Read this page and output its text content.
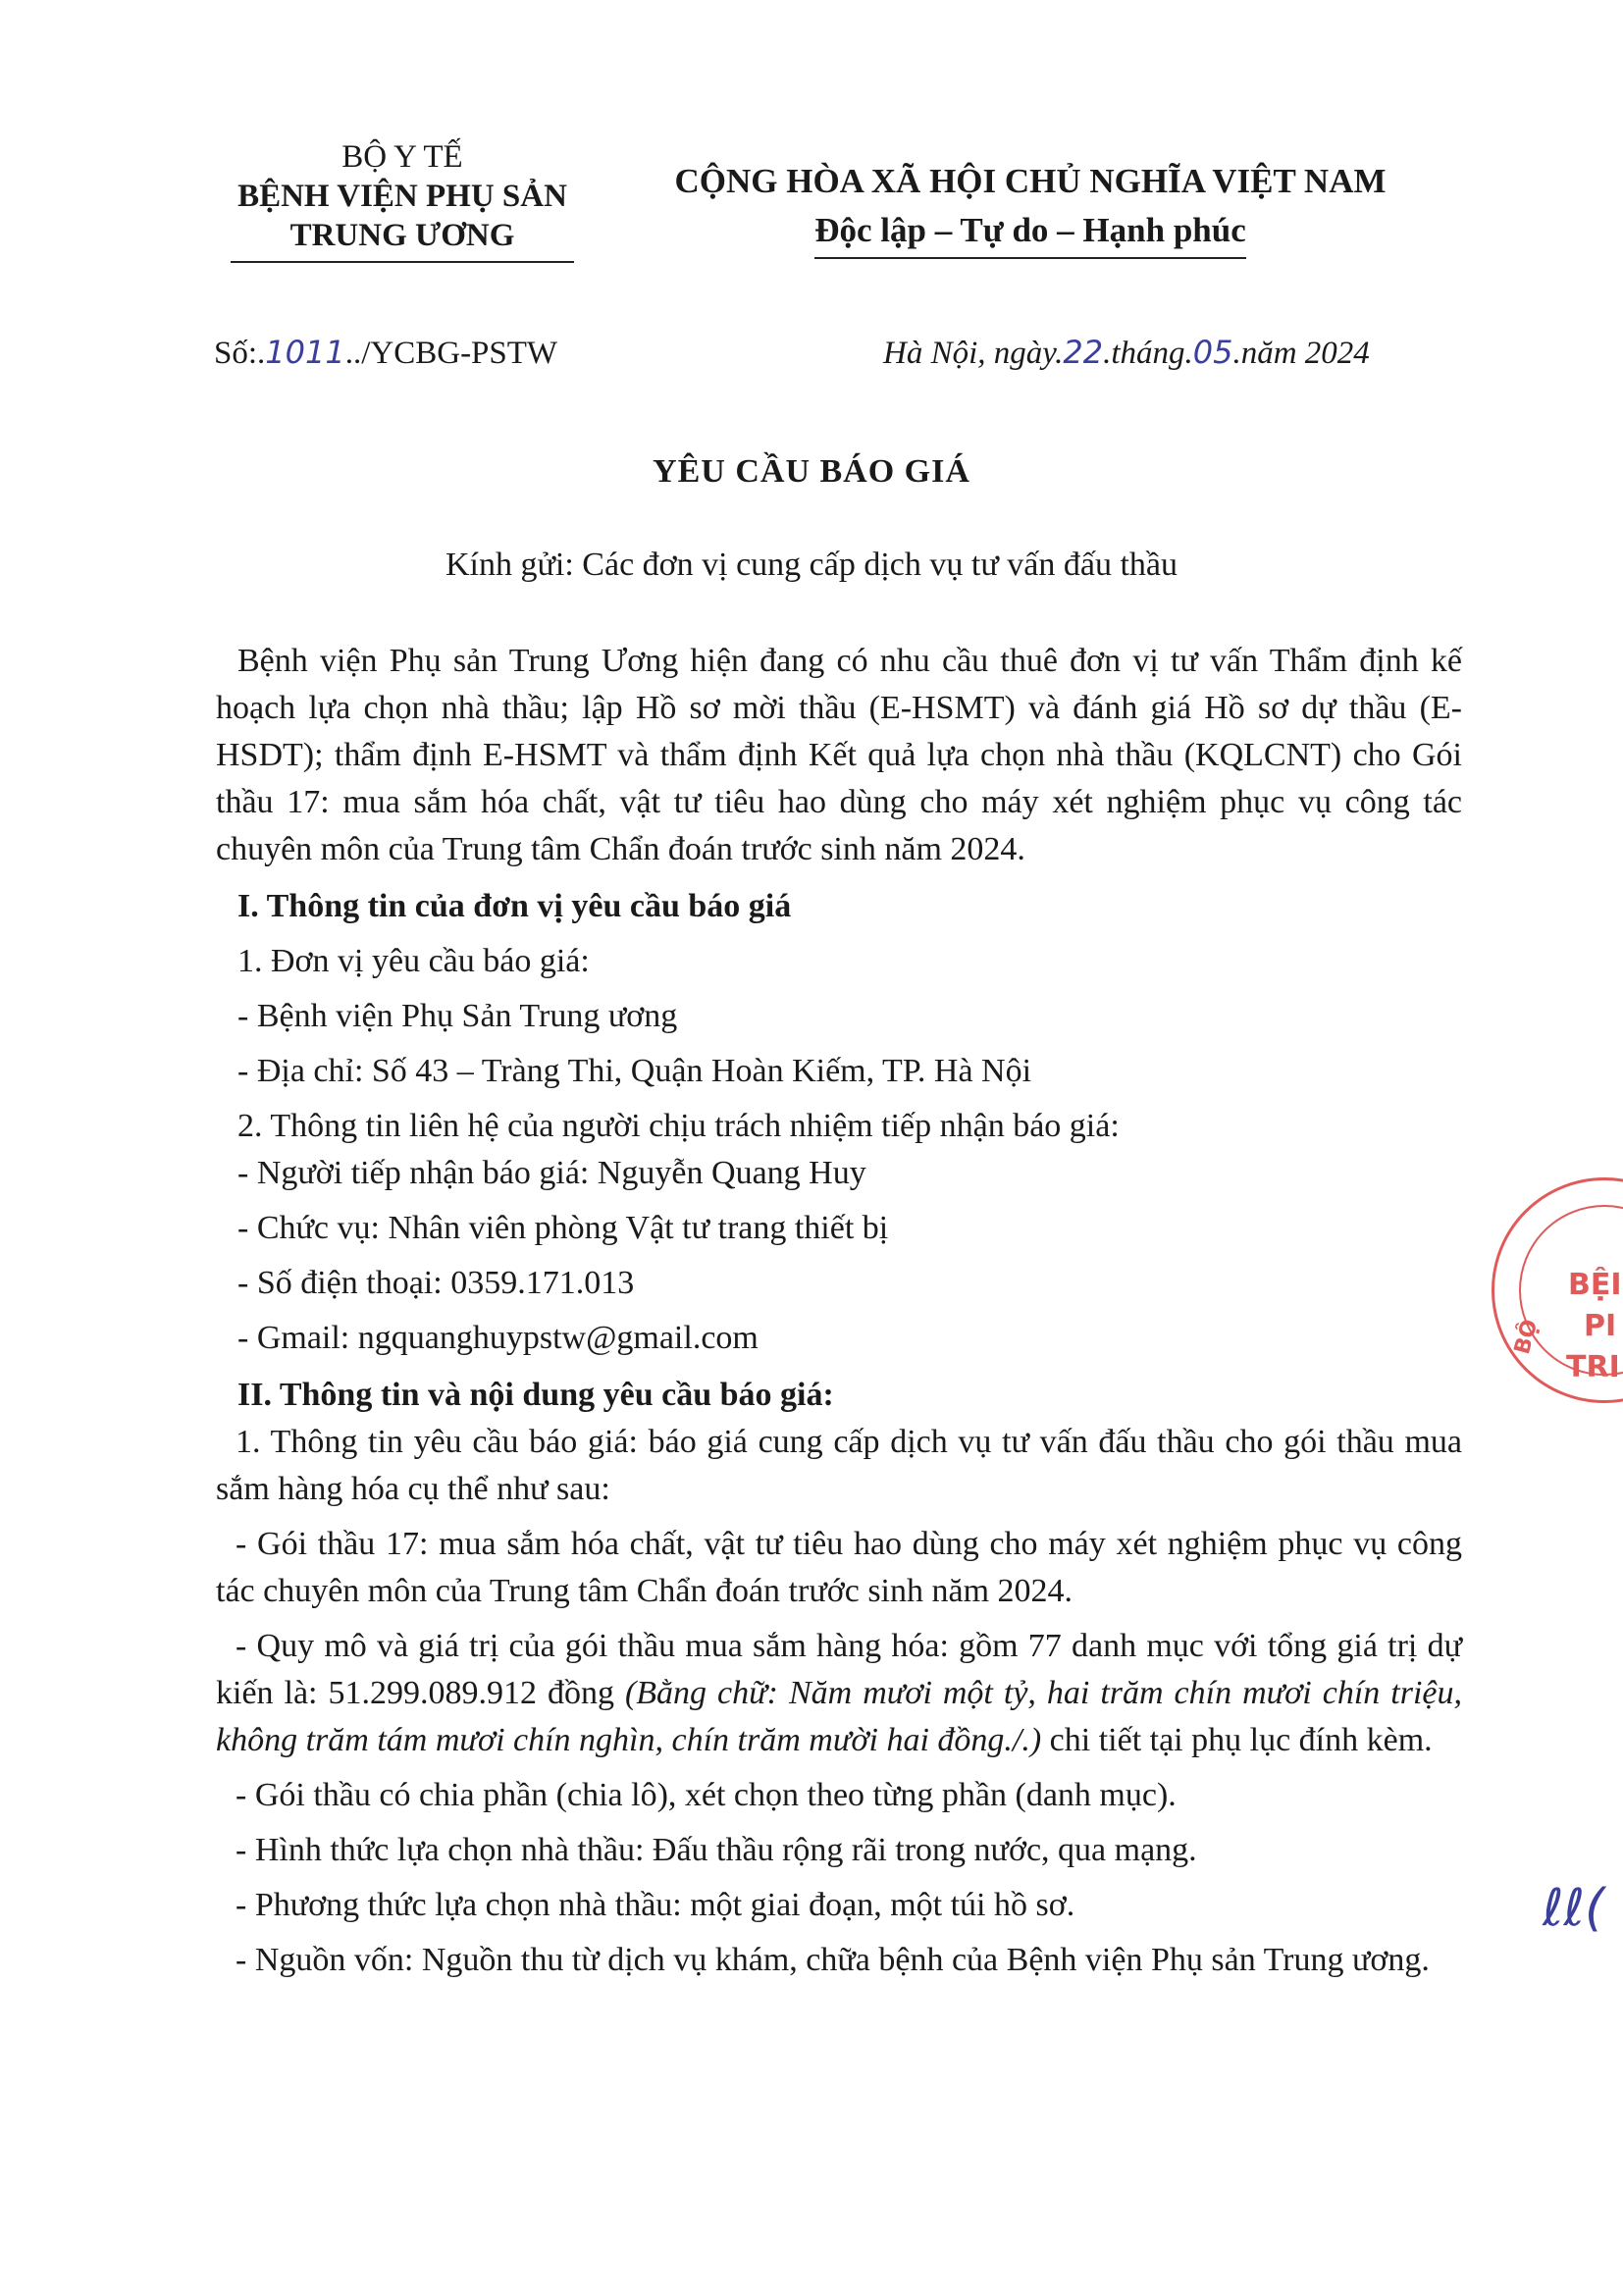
BỘ Y TẾ
BỆNH VIỆN PHỤ SẢN
TRUNG ƯƠNG
CỘNG HÒA XÃ HỘI CHỦ NGHĨA VIỆT NAM
Độc lập – Tự do – Hạnh phúc
Số:.1011../YCBG-PSTW	Hà Nội, ngày.22.tháng.05.năm 2024
YÊU CẦU BÁO GIÁ
Kính gửi: Các đơn vị cung cấp dịch vụ tư vấn đấu thầu

Bệnh viện Phụ sản Trung Ương hiện đang có nhu cầu thuê đơn vị tư vấn Thẩm định kế hoạch lựa chọn nhà thầu; lập Hồ sơ mời thầu (E-HSMT) và đánh giá Hồ sơ dự thầu (E-HSDT); thẩm định E-HSMT và thẩm định Kết quả lựa chọn nhà thầu (KQLCNT) cho Gói thầu 17: mua sắm hóa chất, vật tư tiêu hao dùng cho máy xét nghiệm phục vụ công tác chuyên môn của Trung tâm Chẩn đoán trước sinh năm 2024.

I. Thông tin của đơn vị yêu cầu báo giá

1. Đơn vị yêu cầu báo giá:

- Bệnh viện Phụ Sản Trung ương

- Địa chỉ: Số 43 – Tràng Thi, Quận Hoàn Kiếm, TP. Hà Nội

2. Thông tin liên hệ của người chịu trách nhiệm tiếp nhận báo giá:

- Người tiếp nhận báo giá: Nguyễn Quang Huy

- Chức vụ: Nhân viên phòng Vật tư trang thiết bị

- Số điện thoại: 0359.171.013

- Gmail: ngquanghuypstw@gmail.com

II. Thông tin và nội dung yêu cầu báo giá:

1. Thông tin yêu cầu báo giá: báo giá cung cấp dịch vụ tư vấn đấu thầu cho gói thầu mua sắm hàng hóa cụ thể như sau:

- Gói thầu 17: mua sắm hóa chất, vật tư tiêu hao dùng cho máy xét nghiệm phục vụ công tác chuyên môn của Trung tâm Chẩn đoán trước sinh năm 2024.

- Quy mô và giá trị của gói thầu mua sắm hàng hóa: gồm 77 danh mục với tổng giá trị dự kiến là: 51.299.089.912 đồng (Bằng chữ: Năm mươi một tỷ, hai trăm chín mươi chín triệu, không trăm tám mươi chín nghìn, chín trăm mười hai đồng./.) chi tiết tại phụ lục đính kèm.

- Gói thầu có chia phần (chia lô), xét chọn theo từng phần (danh mục).

- Hình thức lựa chọn nhà thầu: Đấu thầu rộng rãi trong nước, qua mạng.

- Phương thức lựa chọn nhà thầu: một giai đoạn, một túi hồ sơ.

- Nguồn vốn: Nguồn thu từ dịch vụ khám, chữa bệnh của Bệnh viện Phụ sản Trung ương.

BỆI
PI
TRI
BỘ
ℓℓ(
